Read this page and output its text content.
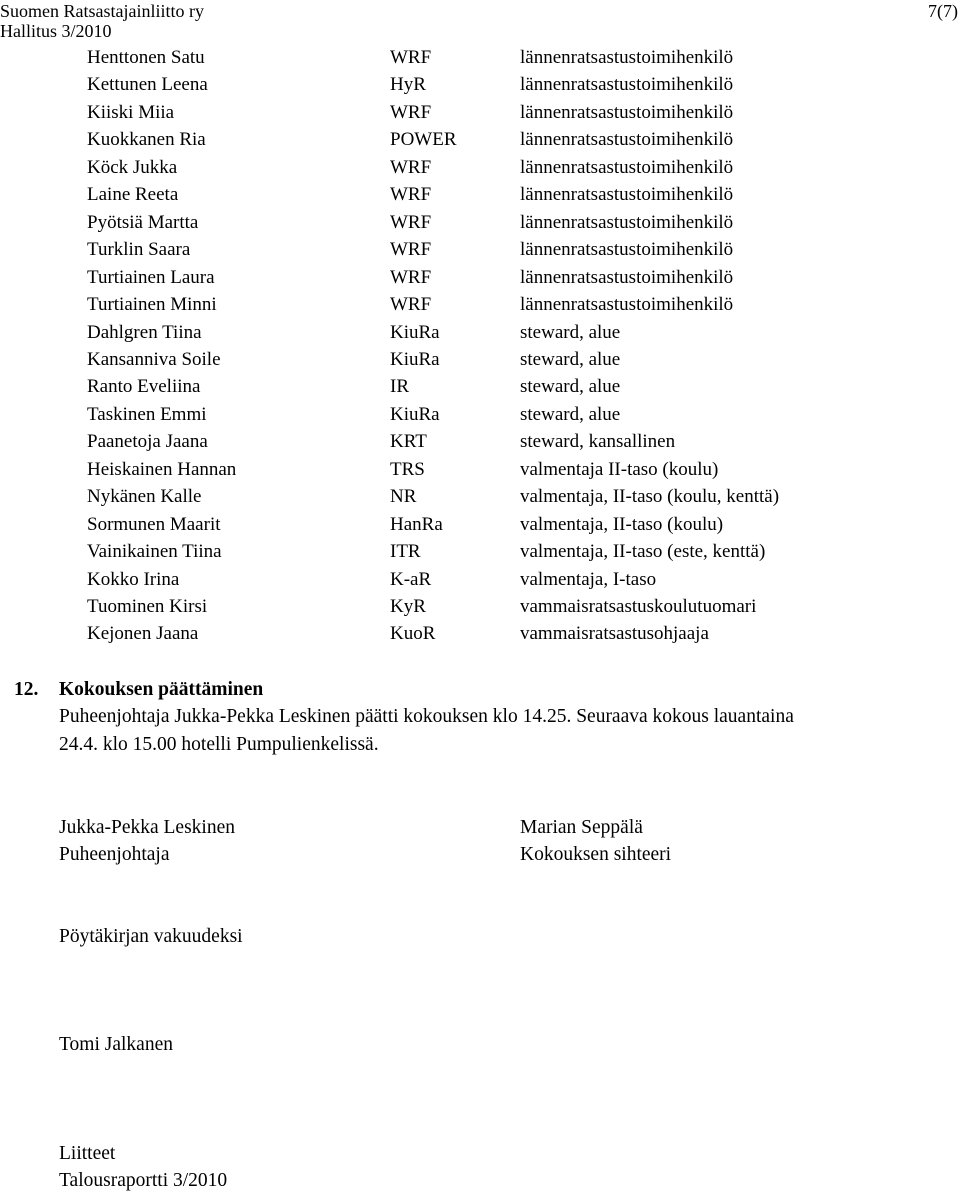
Suomen Ratsastajainliitto ry
Hallitus 3/2010
7(7)
Henttonen Satu	WRF	lännenratsastustoimihenkilö
Kettunen Leena	HyR	lännenratsastustoimihenkilö
Kiiski Miia	WRF	lännenratsastustoimihenkilö
Kuokkanen Ria	POWER	lännenratsastustoimihenkilö
Köck Jukka	WRF	lännenratsastustoimihenkilö
Laine Reeta	WRF	lännenratsastustoimihenkilö
Pyötsiä Martta	WRF	lännenratsastustoimihenkilö
Turklin Saara	WRF	lännenratsastustoimihenkilö
Turtiainen Laura	WRF	lännenratsastustoimihenkilö
Turtiainen Minni	WRF	lännenratsastustoimihenkilö
Dahlgren Tiina	KiuRa	steward, alue
Kansanniva Soile	KiuRa	steward, alue
Ranto Eveliina	IR	steward, alue
Taskinen Emmi	KiuRa	steward, alue
Paanetoja Jaana	KRT	steward, kansallinen
Heiskainen Hannan	TRS	valmentaja II-taso (koulu)
Nykänen Kalle	NR	valmentaja, II-taso (koulu, kenttä)
Sormunen Maarit	HanRa	valmentaja, II-taso (koulu)
Vainikainen Tiina	ITR	valmentaja, II-taso (este, kenttä)
Kokko Irina	K-aR	valmentaja, I-taso
Tuominen Kirsi	KyR	vammaisratsastuskoulutuomari
Kejonen Jaana	KuoR	vammaisratsastusohjaaja
12. Kokouksen päättäminen
Puheenjohtaja Jukka-Pekka Leskinen päätti kokouksen klo 14.25. Seuraava kokous lauantaina
24.4. klo 15.00 hotelli Pumpulienkelissä.
Jukka-Pekka Leskinen
Puheenjohtaja
Marian Seppälä
Kokouksen sihteeri
Pöytäkirjan vakuudeksi
Tomi Jalkanen
Liitteet
Talousraportti 3/2010
